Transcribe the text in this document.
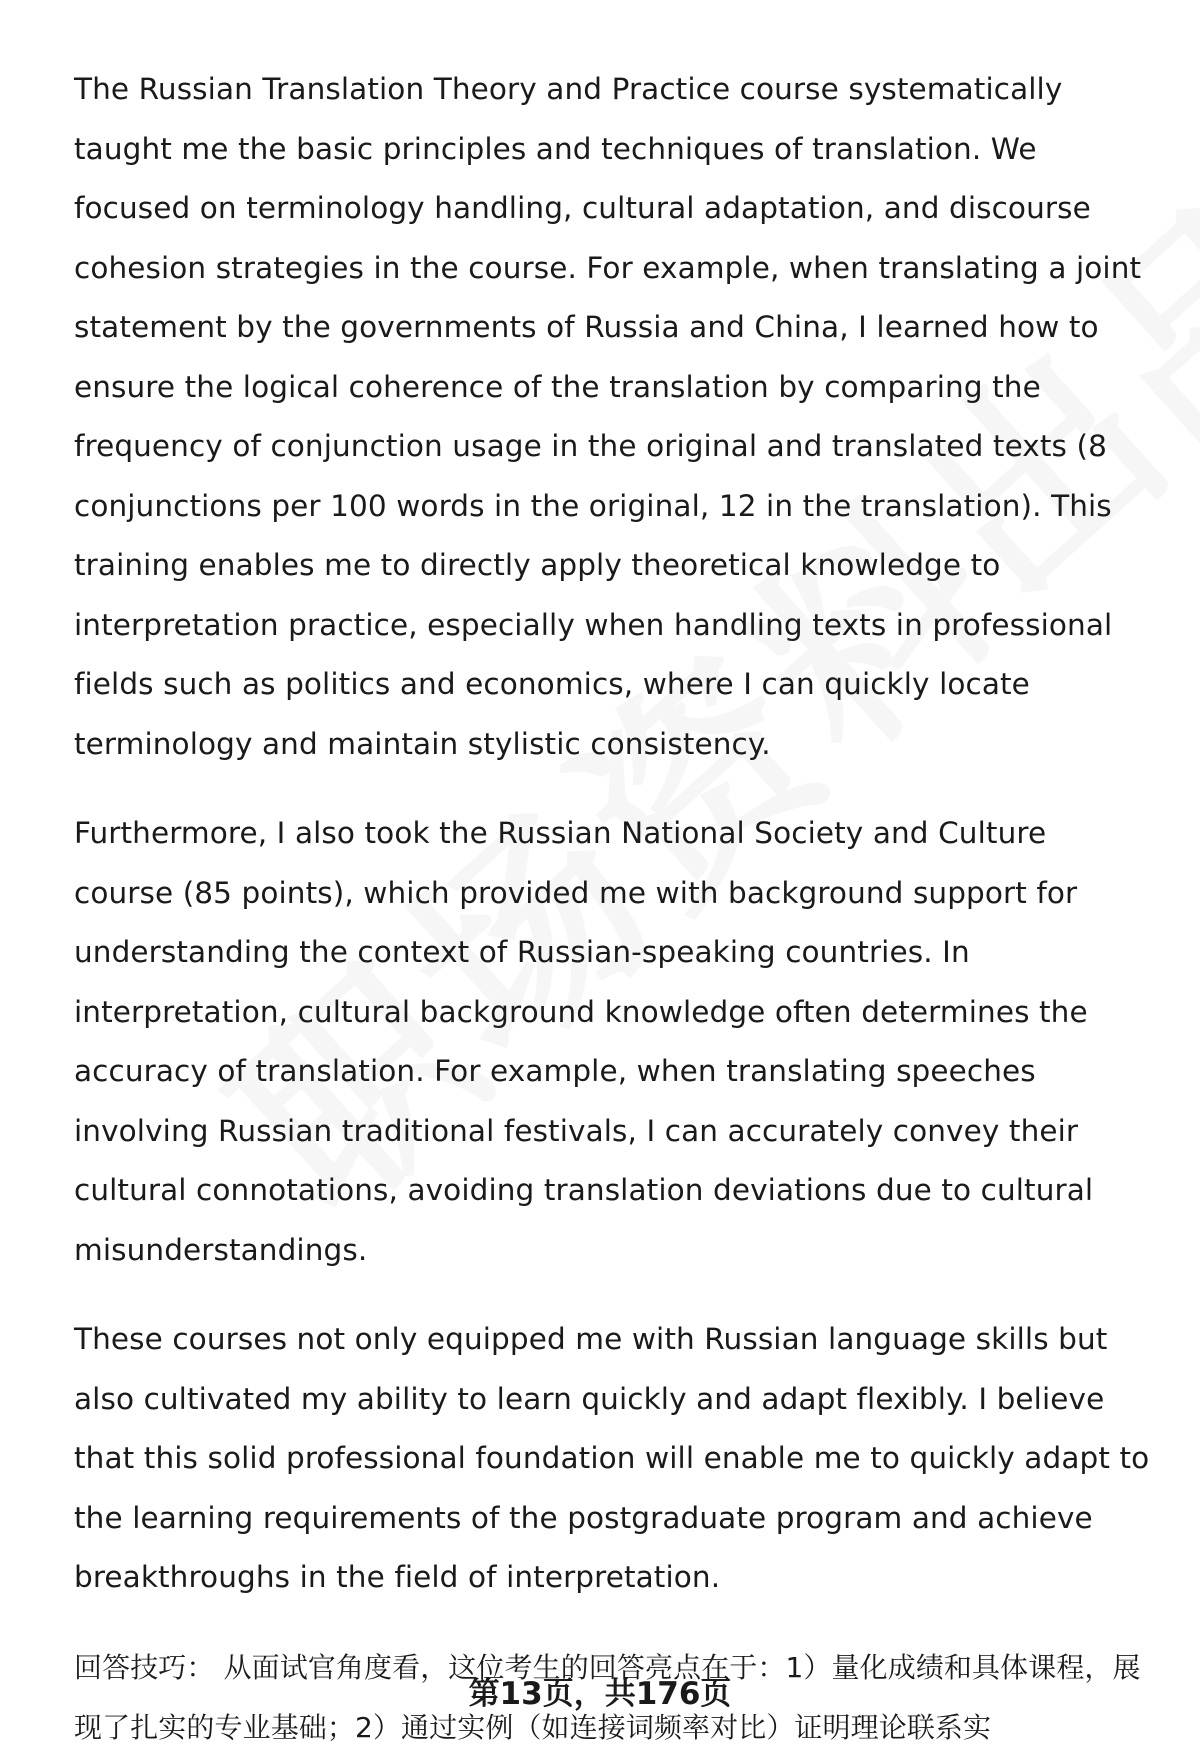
The Russian Translation Theory and Practice course systematically taught me the basic principles and techniques of translation. We focused on terminology handling, cultural adaptation, and discourse cohesion strategies in the course. For example, when translating a joint statement by the governments of Russia and China, I learned how to ensure the logical coherence of the translation by comparing the frequency of conjunction usage in the original and translated texts (8 conjunctions per 100 words in the original, 12 in the translation). This training enables me to directly apply theoretical knowledge to interpretation practice, especially when handling texts in professional fields such as politics and economics, where I can quickly locate terminology and maintain stylistic consistency.

Furthermore, I also took the Russian National Society and Culture course (85 points), which provided me with background support for understanding the context of Russian-speaking countries. In interpretation, cultural background knowledge often determines the accuracy of translation. For example, when translating speeches involving Russian traditional festivals, I can accurately convey their cultural connotations, avoiding translation deviations due to cultural misunderstandings.

These courses not only equipped me with Russian language skills but also cultivated my ability to learn quickly and adapt flexibly. I believe that this solid professional foundation will enable me to quickly adapt to the learning requirements of the postgraduate program and achieve breakthroughs in the field of interpretation.

回答技巧： 从面试官角度看，这位考生的回答亮点在于：1）量化成绩和具体课程，展现了扎实的专业基础；2）通过实例（如连接词频率对比）证明理论联系实

第13页，共176页
